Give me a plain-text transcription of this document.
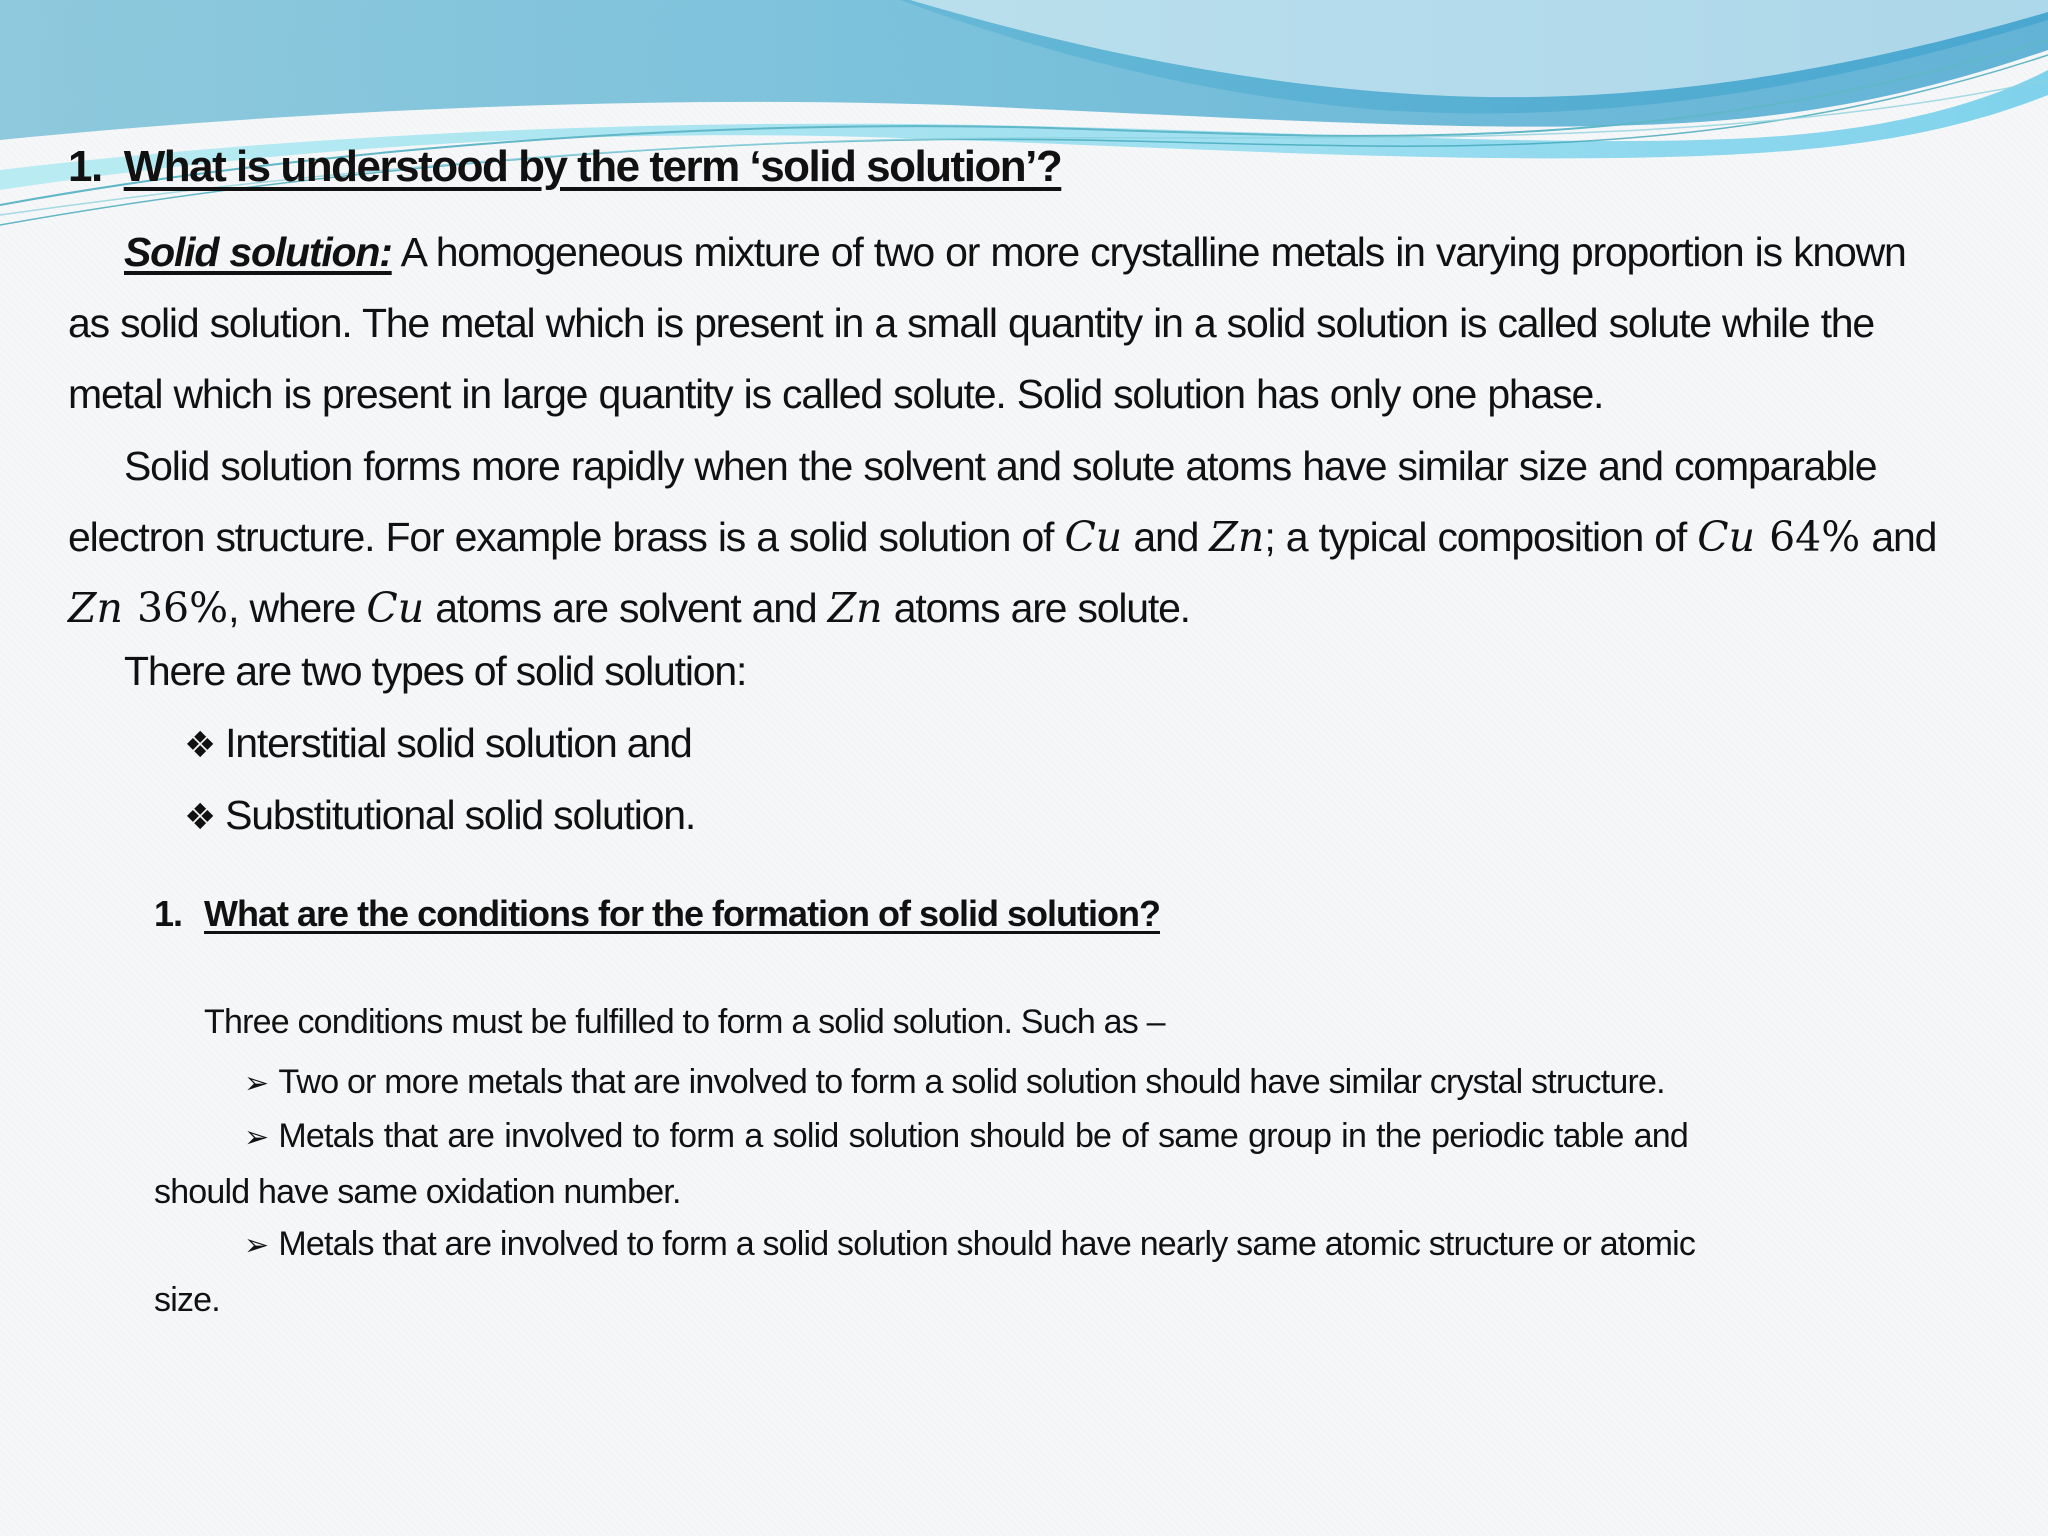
1. What is understood by the term ‘solid solution’?
Solid solution: A homogeneous mixture of two or more crystalline metals in varying proportion is known
as solid solution. The metal which is present in a small quantity in a solid solution is called solute while the
metal which is present in large quantity is called solute. Solid solution has only one phase.
Solid solution forms more rapidly when the solvent and solute atoms have similar size and comparable
electron structure. For example brass is a solid solution of Cu and Zn; a typical composition of Cu 64% and
Zn 36%, where Cu atoms are solvent and Zn atoms are solute.
There are two types of solid solution:
❖ Interstitial solid solution and
❖ Substitutional solid solution.
1. What are the conditions for the formation of solid solution?
Three conditions must be fulfilled to form a solid solution. Such as –
➢ Two or more metals that are involved to form a solid solution should have similar crystal structure.
➢ Metals that are involved to form a solid solution should be of same group in the periodic table and
should have same oxidation number.
➢ Metals that are involved to form a solid solution should have nearly same atomic structure or atomic
size.
